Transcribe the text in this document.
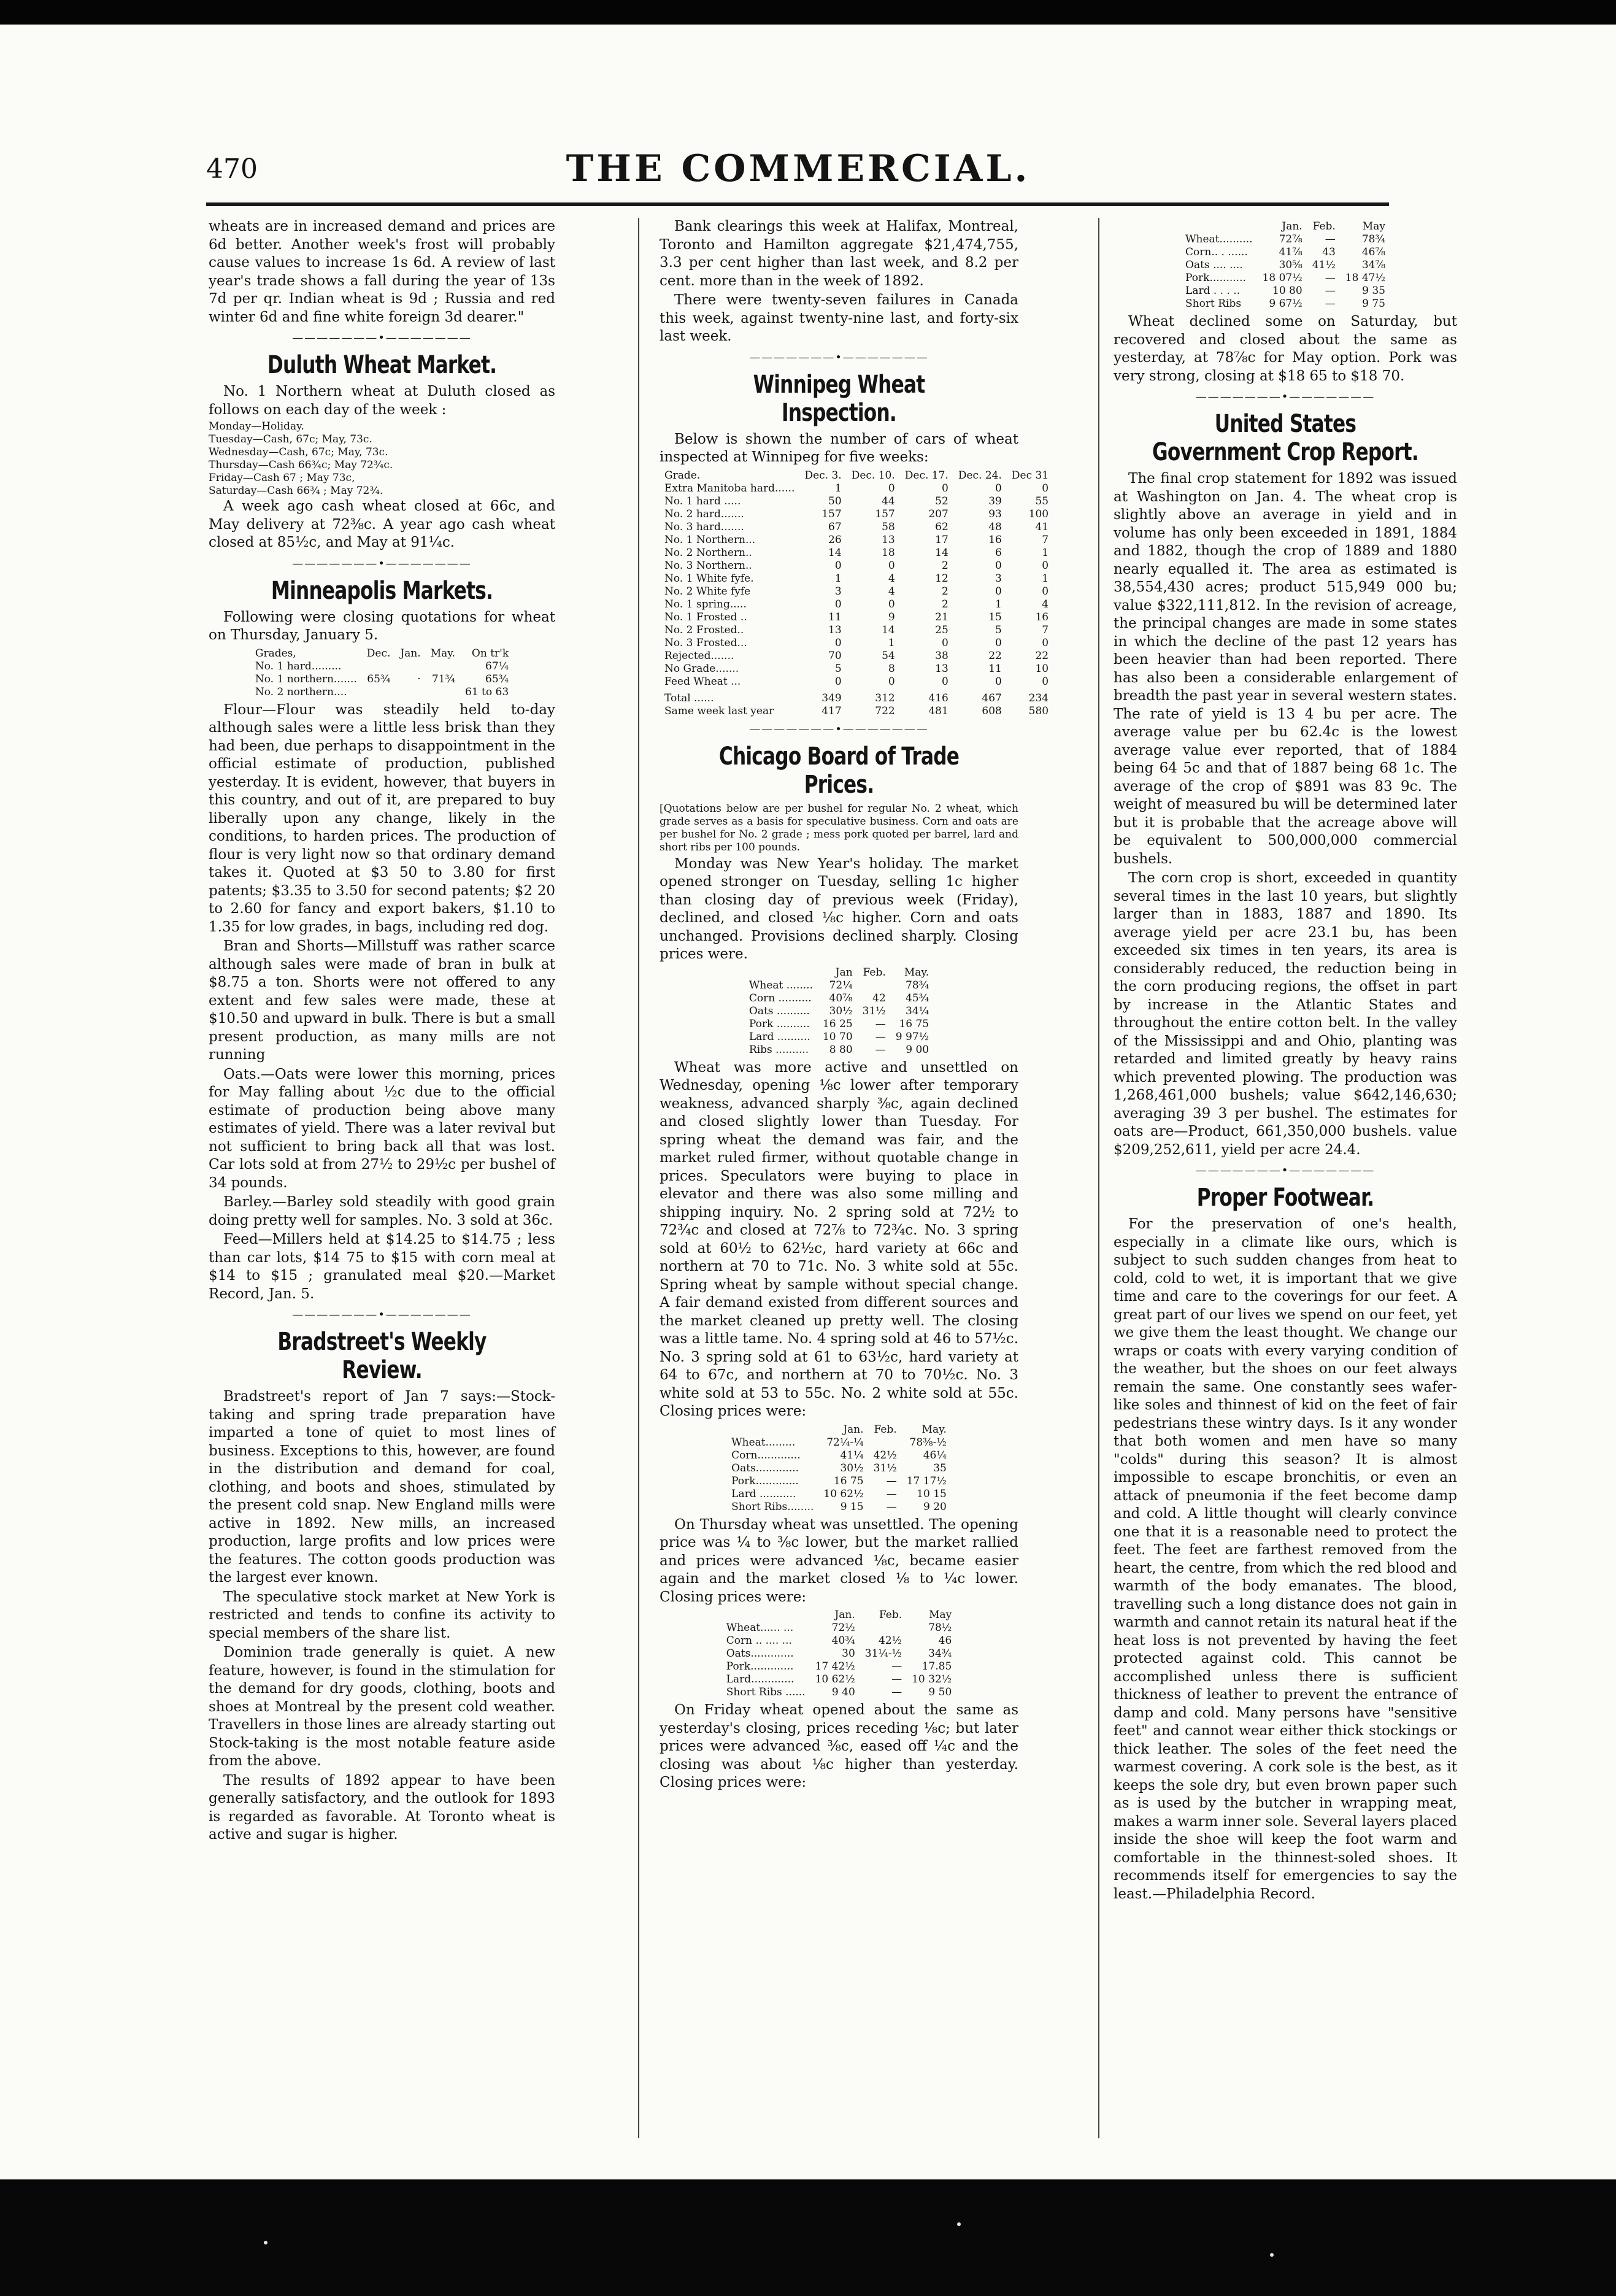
470	THE COMMERCIAL.

wheats are in increased demand and prices are 6d better. Another week's frost will probably cause values to increase 1s 6d. A review of last year's trade shows a fall during the year of 13s 7d per qr. Indian wheat is 9d ; Russia and red winter 6d and fine white foreign 3d dearer."

—————
Duluth Wheat Market.

No. 1 Northern wheat at Duluth closed as follows on each day of the week :

Monday—Holiday.
Tuesday—Cash, 67c; May, 73c.
Wednesday—Cash, 67c; May, 73c.
Thursday—Cash 66¾c; May 72¾c.
Friday—Cash 67 ; May 73c,
Saturday—Cash 66¾ ; May 72¾.

A week ago cash wheat closed at 66c, and May delivery at 72⅜c. A year ago cash wheat closed at 85½c, and May at 91¼c.

—————
Minneapolis Markets.

Following were closing quotations for wheat on Thursday, January 5.

Grades,	Dec.	Jan.	May.	On tr'k
No. 1 hard.........				67¼
No. 1 northern.......	65¾	·	71¾	65¾
No. 2 northern....				61 to 63

Flour—Flour was steadily held to-day although sales were a little less brisk than they had been, due perhaps to disappointment in the official estimate of production, published yesterday. It is evident, however, that buyers in this country, and out of it, are prepared to buy liberally upon any change, likely in the conditions, to harden prices. The production of flour is very light now so that ordinary demand takes it. Quoted at $3 50 to 3.80 for first patents; $3.35 to 3.50 for second patents; $2 20 to 2.60 for fancy and export bakers, $1.10 to 1.35 for low grades, in bags, including red dog.

Bran and Shorts—Millstuff was rather scarce although sales were made of bran in bulk at $8.75 a ton. Shorts were not offered to any extent and few sales were made, these at $10.50 and upward in bulk. There is but a small present production, as many mills are not running

Oats.—Oats were lower this morning, prices for May falling about ½c due to the official estimate of production being above many estimates of yield. There was a later revival but not sufficient to bring back all that was lost. Car lots sold at from 27½ to 29½c per bushel of 34 pounds.

Barley.—Barley sold steadily with good grain doing pretty well for samples. No. 3 sold at 36c.

Feed—Millers held at $14.25 to $14.75 ; less than car lots, $14 75 to $15 with corn meal at $14 to $15 ; granulated meal $20.—Market Record, Jan. 5.

—————
Bradstreet's Weekly Review.

Bradstreet's report of Jan 7 says:—Stock-taking and spring trade preparation have imparted a tone of quiet to most lines of business. Exceptions to this, however, are found in the distribution and demand for coal, clothing, and boots and shoes, stimulated by the present cold snap. New England mills were active in 1892. New mills, an increased production, large profits and low prices were the features. The cotton goods production was the largest ever known.

The speculative stock market at New York is restricted and tends to confine its activity to special members of the share list.

Dominion trade generally is quiet. A new feature, however, is found in the stimulation for the demand for dry goods, clothing, boots and shoes at Montreal by the present cold weather. Travellers in those lines are already starting out Stock-taking is the most notable feature aside from the above.

The results of 1892 appear to have been generally satisfactory, and the outlook for 1893 is regarded as favorable. At Toronto wheat is active and sugar is higher.

Bank clearings this week at Halifax, Montreal, Toronto and Hamilton aggregate $21,474,755, 3.3 per cent higher than last week, and 8.2 per cent. more than in the week of 1892.

There were twenty-seven failures in Canada this week, against twenty-nine last, and forty-six last week.

—————
Winnipeg Wheat Inspection.

Below is shown the number of cars of wheat inspected at Winnipeg for five weeks:

Grade.	Dec. 3.	Dec. 10.	Dec. 17.	Dec. 24.	Dec 31
Extra Manitoba hard......	1	0	0	0	0
No. 1 hard .....	50	44	52	39	55
No. 2 hard.......	157	157	207	93	100
No. 3 hard.......	67	58	62	48	41
No. 1 Northern...	26	13	17	16	7
No. 2 Northern..	14	18	14	6	1
No. 3 Northern..	0	0	2	0	0
No. 1 White fyfe.	1	4	12	3	1
No. 2 White fyfe	3	4	2	0	0
No. 1 spring.....	0	0	2	1	4
No. 1 Frosted ..	11	9	21	15	16
No. 2 Frosted..	13	14	25	5	7
No. 3 Frosted...	0	1	0	0	0
Rejected.......	70	54	38	22	22
No Grade.......	5	8	13	11	10
Feed Wheat ...	0	0	0	0	0
Total ......	349	312	416	467	234
Same week last year	417	722	481	608	580
—————
Chicago Board of Trade Prices.

[Quotations below are per bushel for regular No. 2 wheat, which grade serves as a basis for speculative business. Corn and oats are per bushel for No. 2 grade ; mess pork quoted per barrel, lard and short ribs per 100 pounds.

Monday was New Year's holiday. The market opened stronger on Tuesday, selling 1c higher than closing day of previous week (Friday), declined, and closed ⅛c higher. Corn and oats unchanged. Provisions declined sharply. Closing prices were.

	Jan	Feb.	May.
Wheat ........	72¼		78¾
Corn ..........	40⅞	42	45¾
Oats ..........	30½	31½	34¼
Pork ..........	16 25	—	16 75
Lard ..........	10 70	—	9 97½
Ribs ..........	8 80	—	9 00

Wheat was more active and unsettled on Wednesday, opening ⅛c lower after temporary weakness, advanced sharply ⅜c, again declined and closed slightly lower than Tuesday. For spring wheat the demand was fair, and the market ruled firmer, without quotable change in prices. Speculators were buying to place in elevator and there was also some milling and shipping inquiry. No. 2 spring sold at 72½ to 72¾c and closed at 72⅞ to 72¾c. No. 3 spring sold at 60½ to 62½c, hard variety at 66c and northern at 70 to 71c. No. 3 white sold at 55c. Spring wheat by sample without special change. A fair demand existed from different sources and the market cleaned up pretty well. The closing was a little tame. No. 4 spring sold at 46 to 57½c. No. 3 spring sold at 61 to 63½c, hard variety at 64 to 67c, and northern at 70 to 70½c. No. 3 white sold at 53 to 55c. No. 2 white sold at 55c. Closing prices were:

	Jan.	Feb.	May.
Wheat.........	72¼-¼		78⅜-½
Corn.............	41¼	42½	46¼
Oats.............	30½	31½	35
Pork.............	16 75	—	17 17½
Lard ...........	10 62½	—	10 15
Short Ribs........	9 15	—	9 20

On Thursday wheat was unsettled. The opening price was ¼ to ⅜c lower, but the market rallied and prices were advanced ⅛c, became easier again and the market closed ⅛ to ¼c lower. Closing prices were:

	Jan.	Feb.	May
Wheat...... ...	72½		78½
Corn .. .... ...	40¾	42½	46
Oats.............	30	31¼-½	34¾
Pork.............	17 42½	—	17.85
Lard.............	10 62½	—	10 32½
Short Ribs ......	9 40	—	9 50

On Friday wheat opened about the same as yesterday's closing, prices receding ⅛c; but later prices were advanced ⅜c, eased off ¼c and the closing was about ⅛c higher than yesterday. Closing prices were:

	Jan.	Feb.	May
Wheat..........	72⅞	—	78¾
Corn.. . ......	41⅞	43	46⅞
Oats .... ....	30⅝	41½	34⅞
Pork...........	18 07½	—	18 47½
Lard . . . ..	10 80	—	9 35
Short Ribs	9 67½	—	9 75

Wheat declined some on Saturday, but recovered and closed about the same as yesterday, at 78⅞c for May option. Pork was very strong, closing at $18 65 to $18 70.

—————
United States Government Crop Report.

The final crop statement for 1892 was issued at Washington on Jan. 4. The wheat crop is slightly above an average in yield and in volume has only been exceeded in 1891, 1884 and 1882, though the crop of 1889 and 1880 nearly equalled it. The area as estimated is 38,554,430 acres; product 515,949 000 bu; value $322,111,812. In the revision of acreage, the principal changes are made in some states in which the decline of the past 12 years has been heavier than had been reported. There has also been a considerable enlargement of breadth the past year in several western states. The rate of yield is 13 4 bu per acre. The average value per bu 62.4c is the lowest average value ever reported, that of 1884 being 64 5c and that of 1887 being 68 1c. The average of the crop of $891 was 83 9c. The weight of measured bu will be determined later but it is probable that the acreage above will be equivalent to 500,000,000 commercial bushels.

The corn crop is short, exceeded in quantity several times in the last 10 years, but slightly larger than in 1883, 1887 and 1890. Its average yield per acre 23.1 bu, has been exceeded six times in ten years, its area is considerably reduced, the reduction being in the corn producing regions, the offset in part by increase in the Atlantic States and throughout the entire cotton belt. In the valley of the Mississippi and and Ohio, planting was retarded and limited greatly by heavy rains which prevented plowing. The production was 1,268,461,000 bushels; value $642,146,630; averaging 39 3 per bushel. The estimates for oats are—Product, 661,350,000 bushels. value $209,252,611, yield per acre 24.4.

—————
Proper Footwear.

For the preservation of one's health, especially in a climate like ours, which is subject to such sudden changes from heat to cold, cold to wet, it is important that we give time and care to the coverings for our feet. A great part of our lives we spend on our feet, yet we give them the least thought. We change our wraps or coats with every varying condition of the weather, but the shoes on our feet always remain the same. One constantly sees wafer-like soles and thinnest of kid on the feet of fair pedestrians these wintry days. Is it any wonder that both women and men have so many "colds" during this season? It is almost impossible to escape bronchitis, or even an attack of pneumonia if the feet become damp and cold. A little thought will clearly convince one that it is a reasonable need to protect the feet. The feet are farthest removed from the heart, the centre, from which the red blood and warmth of the body emanates. The blood, travelling such a long distance does not gain in warmth and cannot retain its natural heat if the heat loss is not prevented by having the feet protected against cold. This cannot be accomplished unless there is sufficient thickness of leather to prevent the entrance of damp and cold. Many persons have "sensitive feet" and cannot wear either thick stockings or thick leather. The soles of the feet need the warmest covering. A cork sole is the best, as it keeps the sole dry, but even brown paper such as is used by the butcher in wrapping meat, makes a warm inner sole. Several layers placed inside the shoe will keep the foot warm and comfortable in the thinnest-soled shoes. It recommends itself for emergencies to say the least.—Philadelphia Record.
